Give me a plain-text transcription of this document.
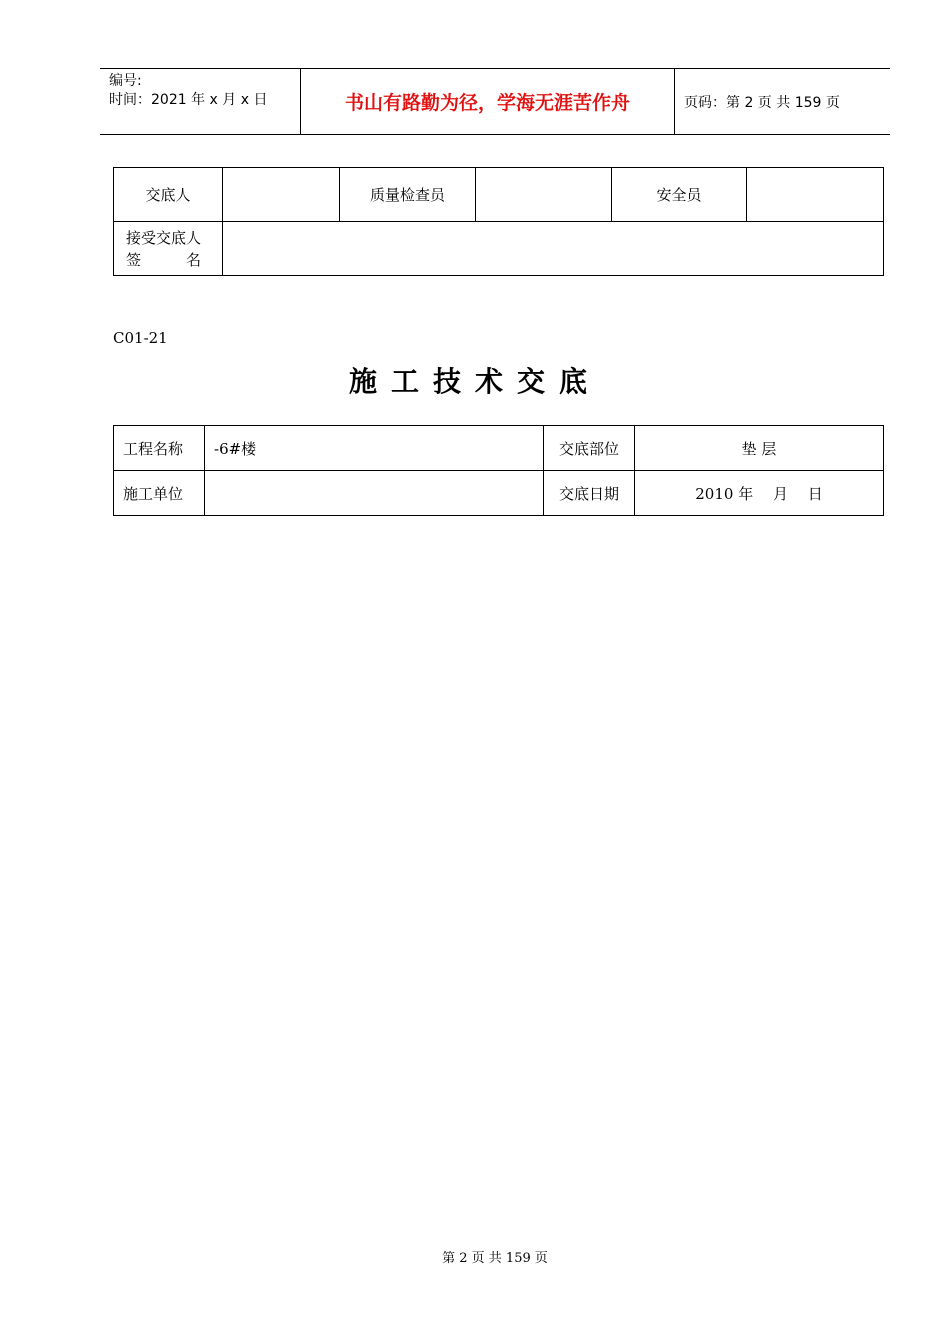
编号:
时间：2021 年 x 月 x 日	书山有路勤为径，学海无涯苦作舟	页码：第 2 页 共 159 页
交底人		质量检查员		安全员	

接受交底人
签　　　名					

C01-21
施工技术交底
工程名称	-6#楼	交底部位	垫 层
施工单位		交底日期	2010 年　 月　 日
第 2 页 共 159 页
